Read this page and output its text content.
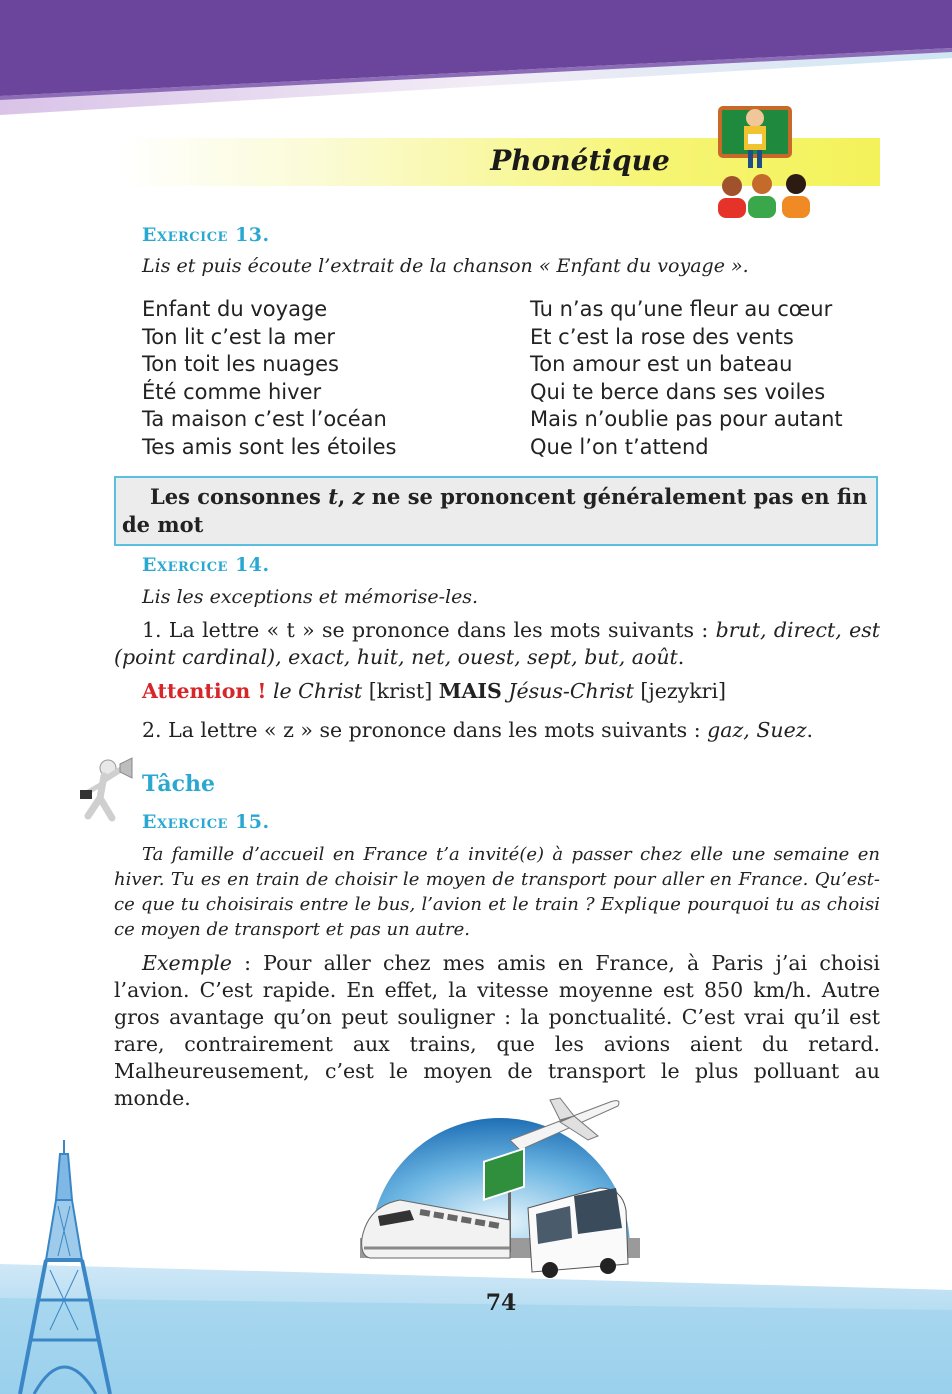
Phonétique
Exercice 13.
Lis et puis écoute l’extrait de la chanson « Enfant du voyage ».
Enfant du voyage
Ton lit c’est la mer
Ton toit les nuages
Été comme hiver
Ta maison c’est l’océan
Tes amis sont les étoiles
Tu n’as qu’une fleur au cœur
Et c’est la rose des vents
Ton amour est un bateau
Qui te berce dans ses voiles
Mais n’oublie pas pour autant
Que l’on t’attend
Les consonnes t, z ne se prononcent généralement pas en fin de mot
Exercice 14.
Lis les exceptions et mémorise-les.
1. La lettre « t » se prononce dans les mots suivants : brut, direct, est (point cardinal), exact, huit, net, ouest, sept, but, août.
Attention ! le Christ [krist] MAIS Jésus-Christ [jezykri]
2. La lettre « z » se prononce dans les mots suivants : gaz, Suez.
Tâche
Exercice 15.
Ta famille d’accueil en France t’a invité(e) à passer chez elle une semaine en hiver. Tu es en train de choisir le moyen de transport pour aller en France. Qu’est-ce que tu choisirais entre le bus, l’avion et le train ? Explique pourquoi tu as choisi ce moyen de transport et pas un autre.
Exemple : Pour aller chez mes amis en France, à Paris j’ai choisi l’avion. C’est rapide. En effet, la vitesse moyenne est 850 km/h. Autre gros avantage qu’on peut souligner : la ponctualité. C’est vrai qu’il est rare, contrairement aux trains, que les avions aient du retard. Malheureusement, c’est le moyen de transport le plus polluant au monde.
74
